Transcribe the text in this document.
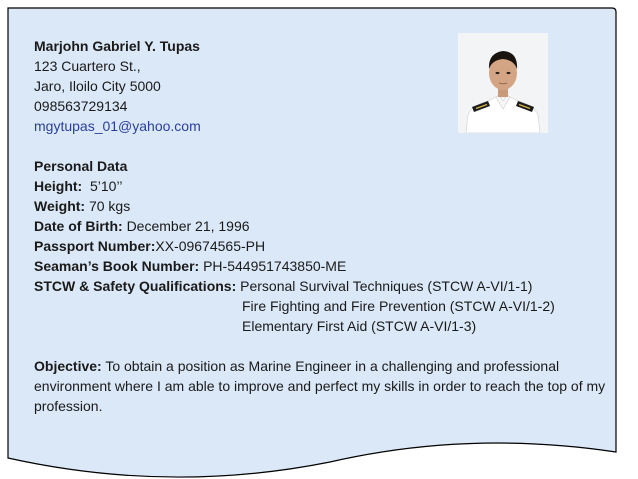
Marjohn Gabriel Y. Tupas
123 Cuartero St.,
Jaro, Iloilo City 5000
098563729134
mgytupas_01@yahoo.com
Personal Data
Height: 5’10’’
Weight: 70 kgs
Date of Birth: December 21, 1996
Passport Number:XX-09674565-PH
Seaman’s Book Number: PH-544951743850-ME
STCW & Safety Qualifications: Personal Survival Techniques (STCW A-VI/1-1)
Fire Fighting and Fire Prevention (STCW A-VI/1-2)
Elementary First Aid (STCW A-VI/1-3)
Objective: To obtain a position as Marine Engineer in a challenging and professional environment where I am able to improve and perfect my skills in order to reach the top of my profession.
